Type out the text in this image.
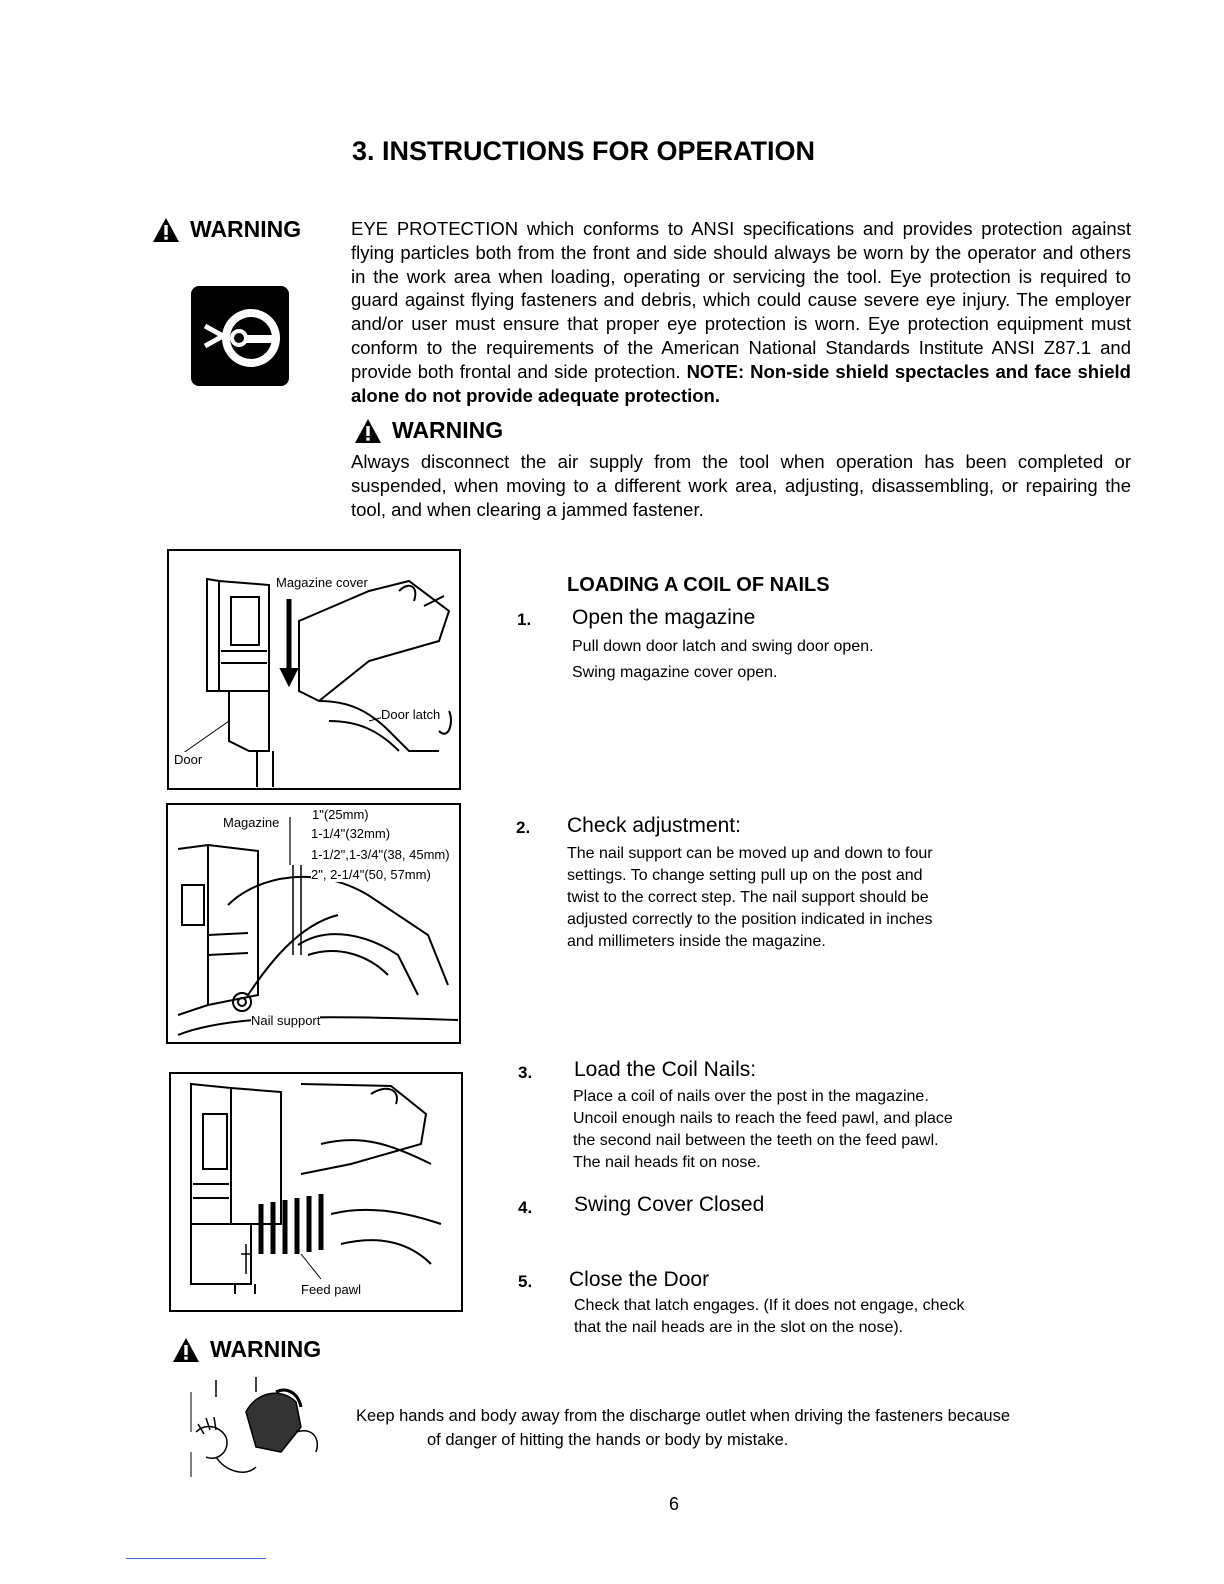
3. INSTRUCTIONS FOR OPERATION
WARNING	EYE PROTECTION which conforms to ANSI specifications and provides protection against flying particles both from the front and side should always be worn by the operator and others in the work area when loading, operating or servicing the tool. Eye protection is required to guard against flying fasteners and debris, which could cause severe eye injury. The employer and/or user must ensure that proper eye protection is worn. Eye protection equipment must conform to the requirements of the American National Standards Institute ANSI Z87.1 and provide both frontal and side protection. NOTE: Non-side shield spectacles and face shield alone do not provide adequate protection.
WARNING
Always disconnect the air supply from the tool when operation has been completed or suspended, when moving to a different work area, adjusting, disassembling, or repairing the tool, and when clearing a jammed fastener.
Magazine cover
Door latch
Door
Magazine
1"(25mm)
1-1/4"(32mm)
1-1/2",1-3/4"(38, 45mm)
2", 2-1/4"(50, 57mm)
Nail support
Feed pawl
LOADING A COIL OF NAILS
1. Open the magazine
Pull down door latch and swing door open.
Swing magazine cover open.
2. Check adjustment:
The nail support can be moved up and down to four
settings. To change setting pull up on the post and
twist to the correct step. The nail support should be
adjusted correctly to the position indicated in inches
and millimeters inside the magazine.
3. Load the Coil Nails:
Place a coil of nails over the post in the magazine.
Uncoil enough nails to reach the feed pawl, and place
the second nail between the teeth on the feed pawl.
The nail heads fit on nose.
4. Swing Cover Closed
5. Close the Door
Check that latch engages. (If it does not engage, check
that the nail heads are in the slot on the nose).
WARNING
Keep hands and body away from the discharge outlet when driving the fasteners because
of danger of hitting the hands or body by mistake.
6
